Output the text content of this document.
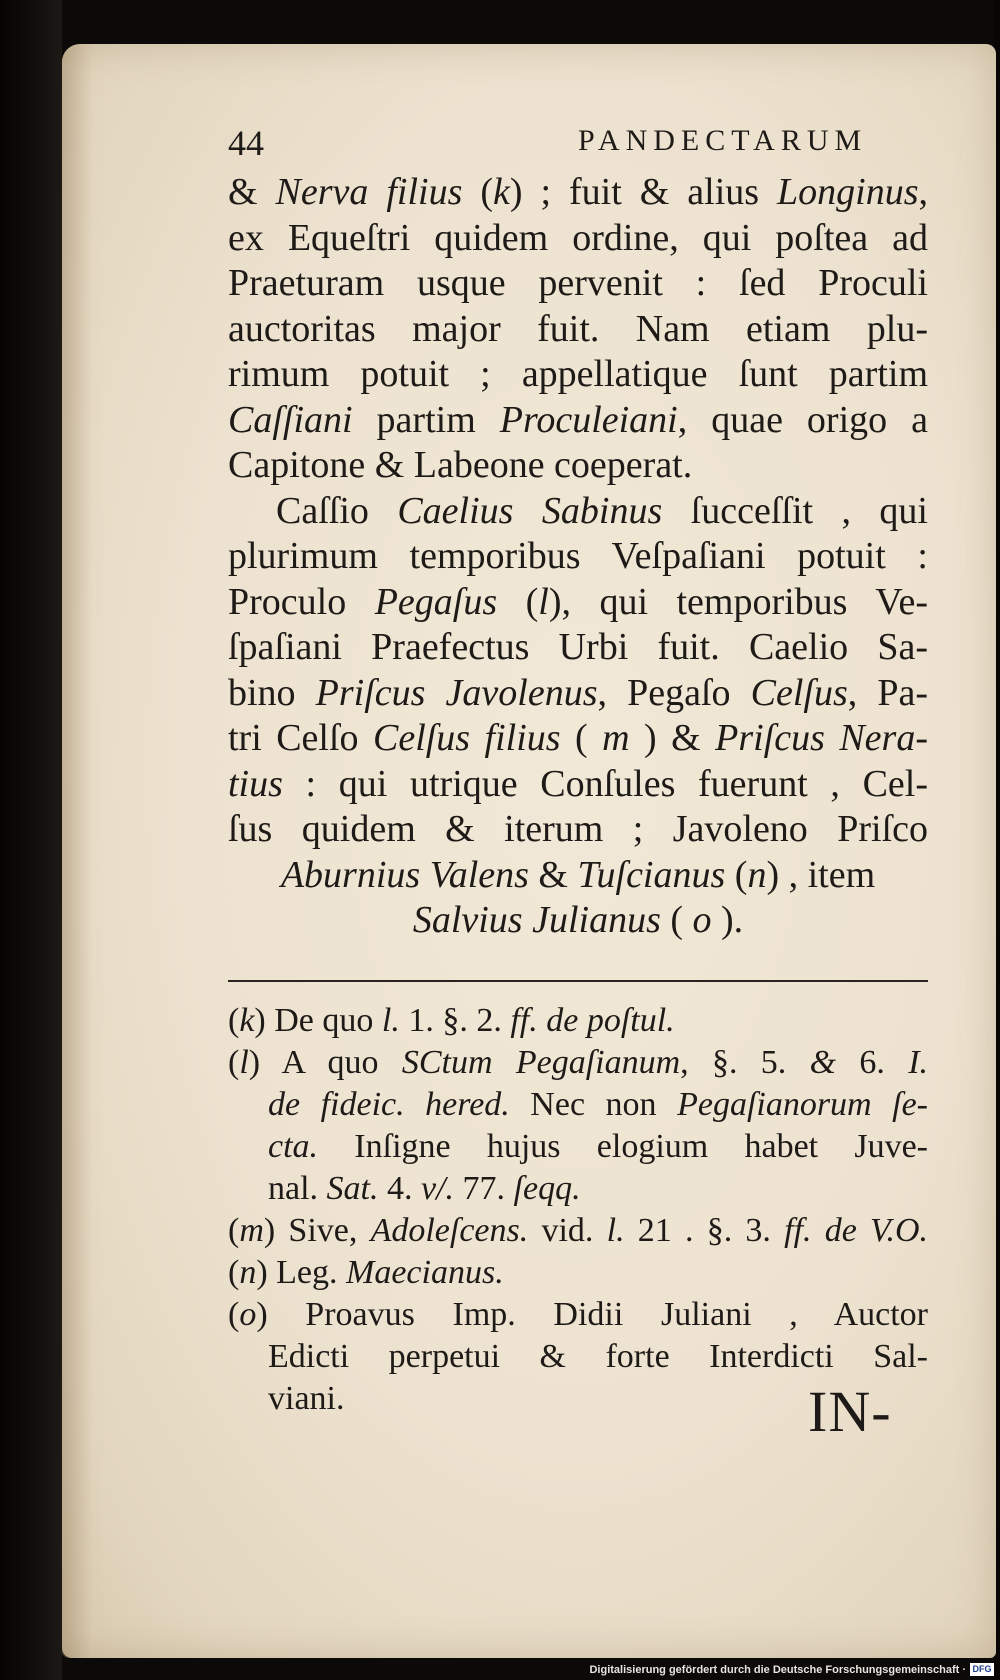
44	PANDECTARUM
& Nerva filius (k) ; fuit & alius Longinus,
ex Equeſtri quidem ordine, qui poſtea ad
Praeturam usque pervenit : ſed Proculi
auctoritas major fuit. Nam etiam plu-
rimum potuit ; appellatique ſunt partim
Caſſiani partim Proculeiani, quae origo a
Capitone & Labeone coeperat.
Caſſio Caelius Sabinus ſucceſſit , qui
plurimum temporibus Veſpaſiani potuit :
Proculo Pegaſus (l), qui temporibus Ve-
ſpaſiani Praefectus Urbi fuit. Caelio Sa-
bino Priſcus Javolenus, Pegaſo Celſus, Pa-
tri Celſo Celſus filius ( m ) & Priſcus Nera-
tius : qui utrique Conſules fuerunt , Cel-
ſus quidem & iterum ; Javoleno Priſco
Aburnius Valens & Tuſcianus (n) , item
Salvius Julianus ( o ).
(k) De quo l. 1. §. 2. ff. de poſtul.
(l) A quo SCtum Pegaſianum, §. 5. & 6. I.
de fideic. hered. Nec non Pegaſianorum ſe-
cta. Inſigne hujus elogium habet Juve-
nal. Sat. 4. v/. 77. ſeqq.
(m) Sive, Adoleſcens. vid. l. 21 . §. 3. ff. de V.O.
(n) Leg. Maecianus.
(o) Proavus Imp. Didii Juliani , Auctor
Edicti perpetui & forte Interdicti Sal-
viani.	IN-
Digitalisierung gefördert durch die Deutsche Forschungsgemeinschaft · DFG
